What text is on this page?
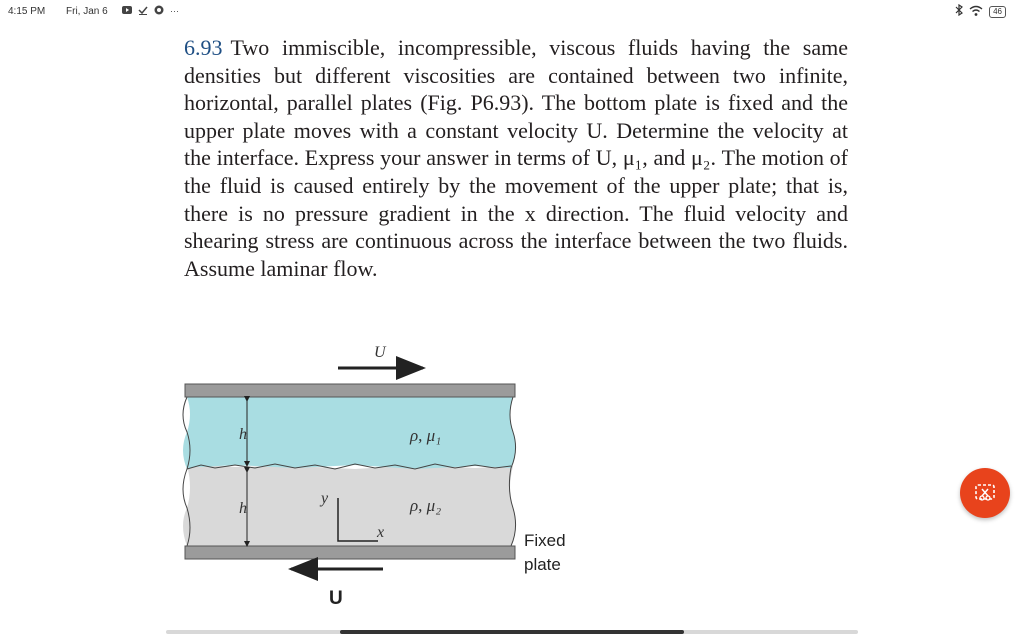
4:15 PM Fri, Jan 6	···	46

6.93 Two immiscible, incompressible, viscous fluids having the same densities but different viscosities are contained between two infinite, horizontal, parallel plates (Fig. P6.93). The bottom plate is fixed and the upper plate moves with a constant velocity U. Determine the velocity at the interface. Express your answer in terms of U, μ₁, and μ₂. The motion of the fluid is caused entirely by the movement of the upper plate; that is, there is no pressure gradient in the x direction. The fluid velocity and shearing stress are continuous across the interface between the two fluids. Assume laminar flow.

U
h
h
ρ, μ₁
ρ, μ₂
y
x	Fixed
plate
U
